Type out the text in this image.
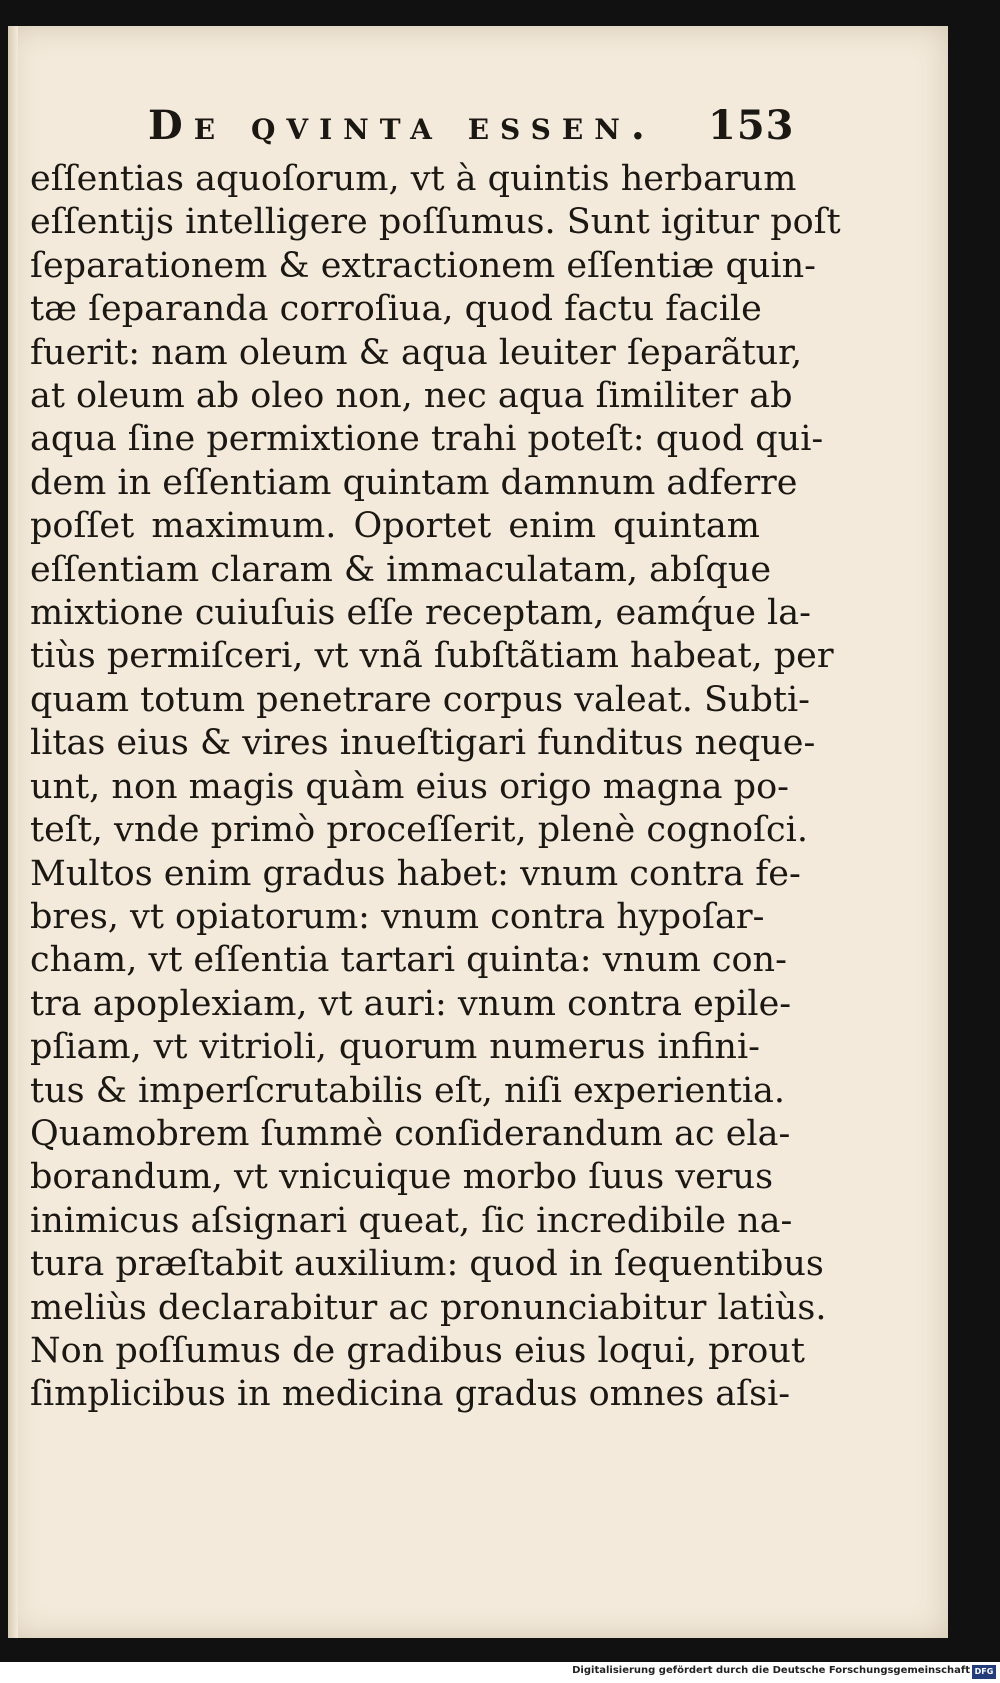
De qvinta essen. 153
eſſentias aquoſorum, vt à quintis herbarum
eſſentijs intelligere poſſumus. Sunt igitur poſt
ſeparationem & extractionem eſſentiæ quin-
tæ ſeparanda corroſiua, quod factu facile
fuerit: nam oleum & aqua leuiter ſeparãtur,
at oleum ab oleo non, nec aqua ſimiliter ab
aqua ſine permixtione trahi poteſt: quod qui-
dem in eſſentiam quintam damnum adferre
poſſet maximum. Oportet enim quintam
eſſentiam claram & immaculatam, abſque
mixtione cuiuſuis eſſe receptam, eamq́ue la-
tiùs permiſceri, vt vnã ſubſtãtiam habeat, per
quam totum penetrare corpus valeat. Subti-
litas eius & vires inueſtigari funditus neque-
unt, non magis quàm eius origo magna po-
teſt, vnde primò proceſſerit, plenè cognoſci.
Multos enim gradus habet: vnum contra fe-
bres, vt opiatorum: vnum contra hypoſar-
cham, vt eſſentia tartari quinta: vnum con-
tra apoplexiam, vt auri: vnum contra epile-
pſiam, vt vitrioli, quorum numerus infini-
tus & imperſcrutabilis eſt, niſi experientia.
Quamobrem ſummè conſiderandum ac ela-
borandum, vt vnicuique morbo ſuus verus
inimicus aſsignari queat, ſic incredibile na-
tura præſtabit auxilium: quod in ſequentibus
meliùs declarabitur ac pronunciabitur latiùs.
Non poſſumus de gradibus eius loqui, prout
ſimplicibus in medicina gradus omnes aſsi-
Digitalisierung gefördert durch die Deutsche Forschungsgemeinschaft DFG
